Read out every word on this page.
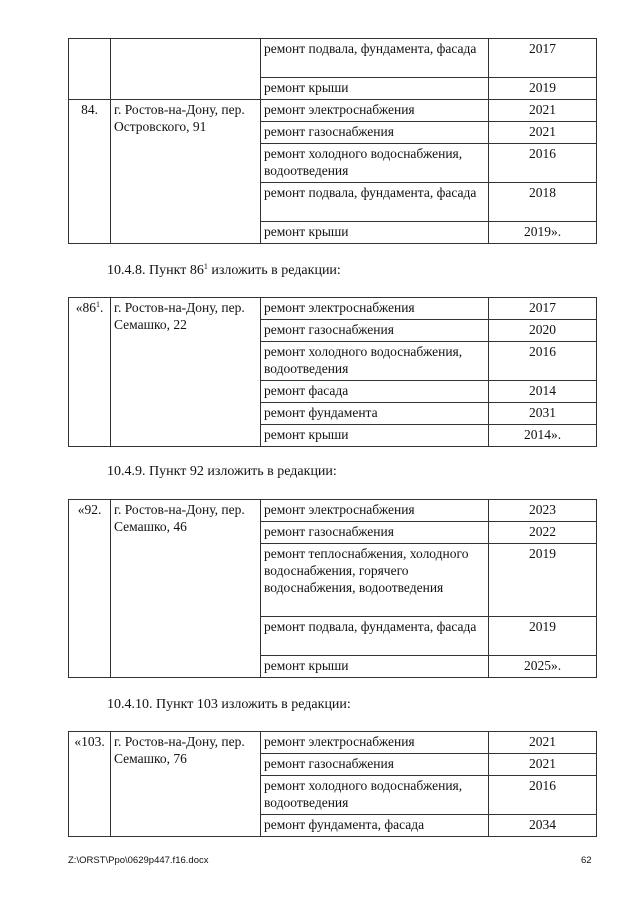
		ремонт подвала, фундамента, фасада	2017
		ремонт крыши	2019
84.	г. Ростов-на-Дону, пер. Островского, 91	ремонт электроснабжения	2021
		ремонт газоснабжения	2021
		ремонт холодного водоснабжения, водоотведения	2016
		ремонт подвала, фундамента, фасада	2018
		ремонт крыши	2019».
10.4.8. Пункт $86^1$ изложить в редакции:
«$86^1$.	г. Ростов-на-Дону, пер. Семашко, 22	ремонт электроснабжения	2017
		ремонт газоснабжения	2020
		ремонт холодного водоснабжения, водоотведения	2016
		ремонт фасада	2014
		ремонт фундамента	2031
		ремонт крыши	2014».
10.4.9. Пункт 92 изложить в редакции:
«92.	г. Ростов-на-Дону, пер. Семашко, 46	ремонт электроснабжения	2023
		ремонт газоснабжения	2022
		ремонт теплоснабжения, холодного водоснабжения, горячего водоснабжения, водоотведения	2019
		ремонт подвала, фундамента, фасада	2019
		ремонт крыши	2025».
10.4.10. Пункт 103 изложить в редакции:
«103.	г. Ростов-на-Дону, пер. Семашко, 76	ремонт электроснабжения	2021
		ремонт газоснабжения	2021
		ремонт холодного водоснабжения, водоотведения	2016
		ремонт фундамента, фасада	2034
Z:\ORST\Ppo\0629p447.f16.docx	62
